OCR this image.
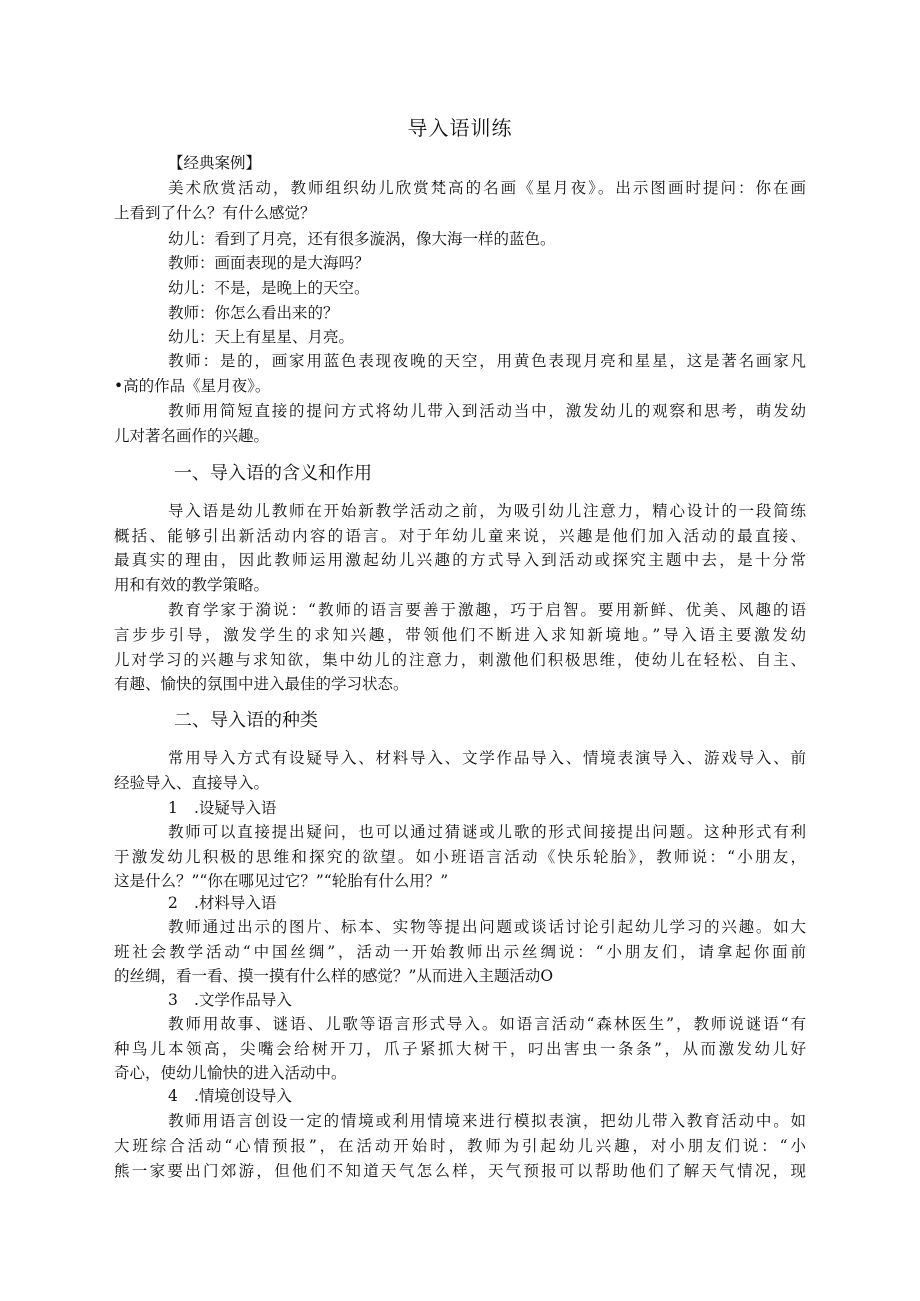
导入语训练
【经典案例】
一、导入语的含义和作用
二、导入语的种类
美术欣赏活动，教师组织幼儿欣赏梵高的名画《星月夜》。出示图画时提问：你在画
上看到了什么？有什么感觉？
幼儿：看到了月亮，还有很多漩涡，像大海一样的蓝色。
教师：画面表现的是大海吗？
幼儿：不是，是晚上的天空。
教师：你怎么看出来的？
幼儿：天上有星星、月亮。
教师：是的，画家用蓝色表现夜晚的天空，用黄色表现月亮和星星，这是著名画家凡
•高的作品《星月夜》。
教师用简短直接的提问方式将幼儿带入到活动当中，激发幼儿的观察和思考，萌发幼
儿对著名画作的兴趣。
导入语是幼儿教师在开始新教学活动之前，为吸引幼儿注意力，精心设计的一段简练
概括、能够引出新活动内容的语言。对于年幼儿童来说，兴趣是他们加入活动的最直接、
最真实的理由，因此教师运用激起幼儿兴趣的方式导入到活动或探究主题中去，是十分常
用和有效的教学策略。
教育学家于漪说：“教师的语言要善于激趣，巧于启智。要用新鲜、优美、风趣的语
言步步引导，激发学生的求知兴趣，带领他们不断进入求知新境地。”导入语主要激发幼
儿对学习的兴趣与求知欲，集中幼儿的注意力，刺激他们积极思维，使幼儿在轻松、自主、
有趣、愉快的氛围中进入最佳的学习状态。
常用导入方式有设疑导入、材料导入、文学作品导入、情境表演导入、游戏导入、前
经验导入、直接导入。
1 .设疑导入语
教师可以直接提出疑问，也可以通过猜谜或儿歌的形式间接提出问题。这种形式有利
于激发幼儿积极的思维和探究的欲望。如小班语言活动《快乐轮胎》，教师说：“小朋友，
这是什么？”“你在哪见过它？”“轮胎有什么用？”
2 .材料导入语
教师通过出示的图片、标本、实物等提出问题或谈话讨论引起幼儿学习的兴趣。如大
班社会教学活动“中国丝绸”，活动一开始教师出示丝绸说：“小朋友们，请拿起你面前
的丝绸，看一看、摸一摸有什么样的感觉？”从而进入主题活动O
3 .文学作品导入
教师用故事、谜语、儿歌等语言形式导入。如语言活动“森林医生”，教师说谜语“有
种鸟儿本领高，尖嘴会给树开刀，爪子紧抓大树干，叼出害虫一条条”，从而激发幼儿好
奇心，使幼儿愉快的进入活动中。
4 .情境创设导入
教师用语言创设一定的情境或利用情境来进行模拟表演，把幼儿带入教育活动中。如
大班综合活动“心情预报”，在活动开始时，教师为引起幼儿兴趣，对小朋友们说：“小
熊一家要出门郊游，但他们不知道天气怎么样，天气预报可以帮助他们了解天气情况，现
